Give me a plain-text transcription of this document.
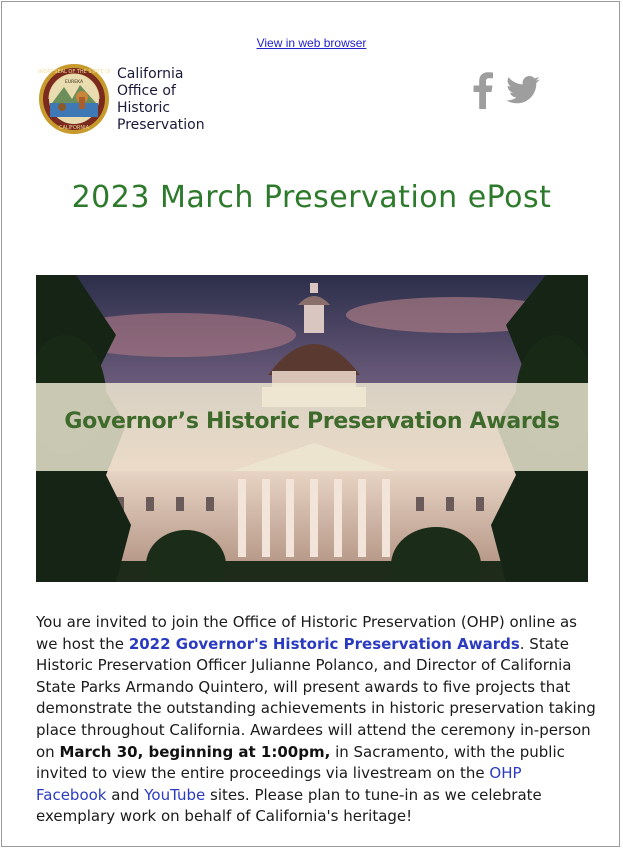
View in web browser
GREAT SEAL OF THE STATE OF
EUREKA
CALIFORNIA
California
Office of
Historic
Preservation
2023 March Preservation ePost
Governor’s Historic Preservation Awards
You are invited to join the Office of Historic Preservation (OHP) online as we host the 2022 Governor's Historic Preservation Awards. State Historic Preservation Officer Julianne Polanco, and Director of California State Parks Armando Quintero, will present awards to five projects that demonstrate the outstanding achievements in historic preservation taking place throughout California. Awardees will attend the ceremony in-person on March 30, beginning at 1:00pm, in Sacramento, with the public invited to view the entire proceedings via livestream on the OHP Facebook and YouTube sites. Please plan to tune-in as we celebrate exemplary work on behalf of California's heritage!
